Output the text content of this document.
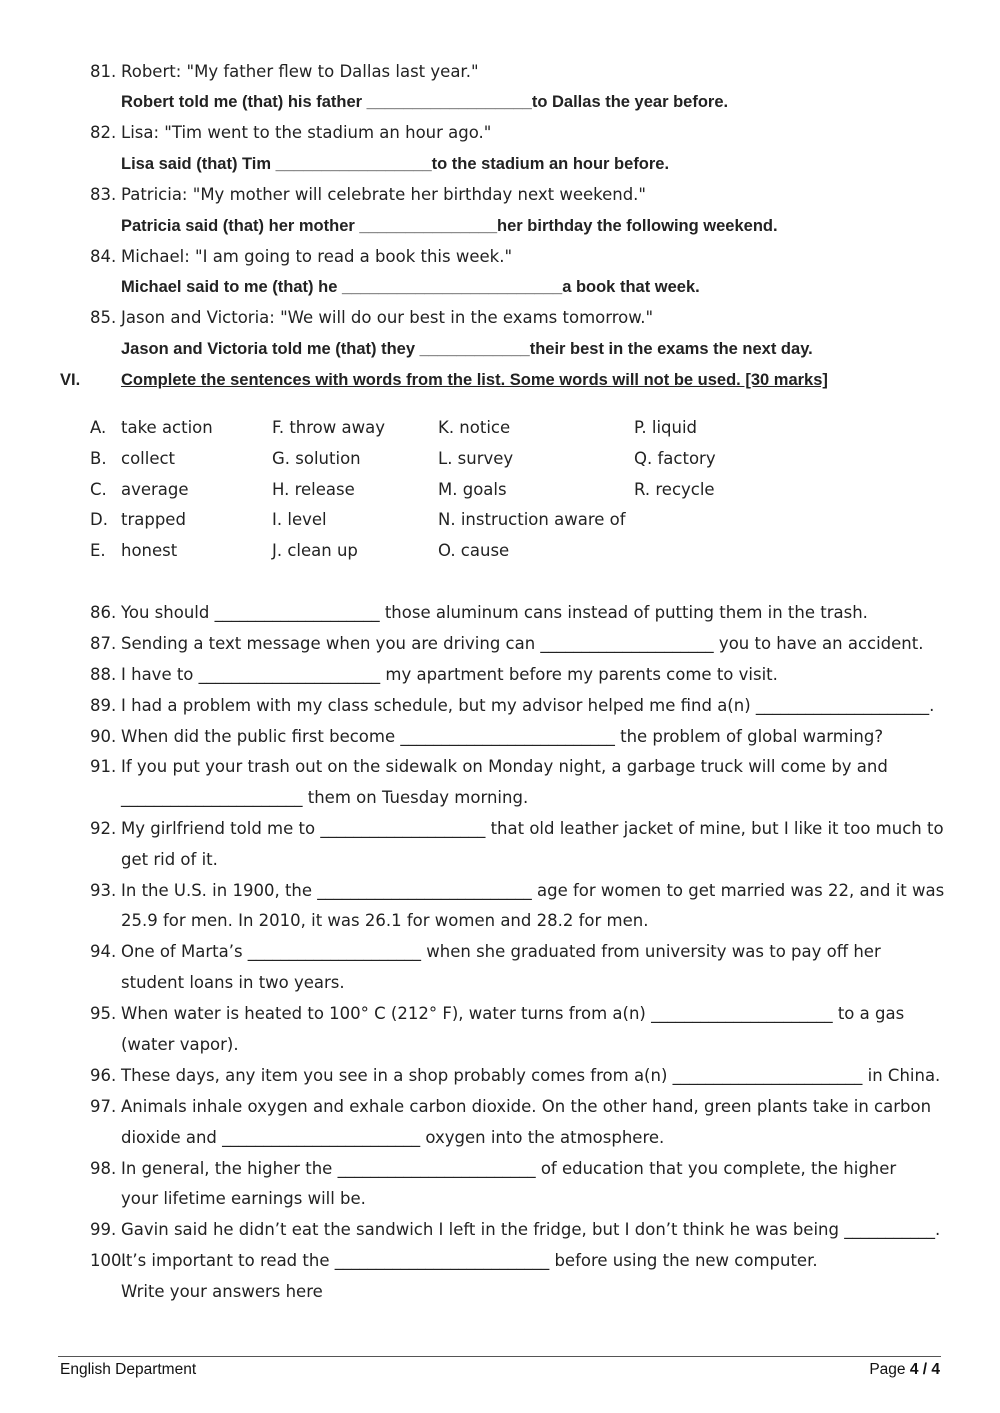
81. Robert: "My father flew to Dallas last year."
Robert told me (that) his father __________________to Dallas the year before.
82. Lisa: "Tim went to the stadium an hour ago."
Lisa said (that) Tim _________________to the stadium an hour before.
83. Patricia: "My mother will celebrate her birthday next weekend."
Patricia said (that) her mother _______________her birthday the following weekend.
84. Michael: "I am going to read a book this week."
Michael said to me (that) he ________________________a book that week.
85. Jason and Victoria: "We will do our best in the exams tomorrow."
Jason and Victoria told me (that) they ____________their best in the exams the next day.
VI. Complete the sentences with words from the list. Some words will not be used. [30 marks]
A. take action
B. collect
C. average
D. trapped
E. honest
F. throw away
G. solution
H. release
I. level
J. clean up
K. notice
L. survey
M. goals
N. instruction aware of
O. cause
P. liquid
Q. factory
R. recycle
86. You should ____________________ those aluminum cans instead of putting them in the trash.
87. Sending a text message when you are driving can _____________________ you to have an accident.
88. I have to ______________________ my apartment before my parents come to visit.
89. I had a problem with my class schedule, but my advisor helped me find a(n) _____________________.
90. When did the public first become __________________________ the problem of global warming?
91. If you put your trash out on the sidewalk on Monday night, a garbage truck will come by and
______________________ them on Tuesday morning.
92. My girlfriend told me to ____________________ that old leather jacket of mine, but I like it too much to
get rid of it.
93. In the U.S. in 1900, the __________________________ age for women to get married was 22, and it was
25.9 for men. In 2010, it was 26.1 for women and 28.2 for men.
94. One of Marta’s _____________________ when she graduated from university was to pay off her
student loans in two years.
95. When water is heated to 100° C (212° F), water turns from a(n) ______________________ to a gas
(water vapor).
96. These days, any item you see in a shop probably comes from a(n) _______________________ in China.
97. Animals inhale oxygen and exhale carbon dioxide. On the other hand, green plants take in carbon
dioxide and ________________________ oxygen into the atmosphere.
98. In general, the higher the ________________________ of education that you complete, the higher
your lifetime earnings will be.
99. Gavin said he didn’t eat the sandwich I left in the fridge, but I don’t think he was being ___________.
100.
It’s important to read the __________________________ before using the new computer.
Write your answers here
English Department	Page 4 / 4
